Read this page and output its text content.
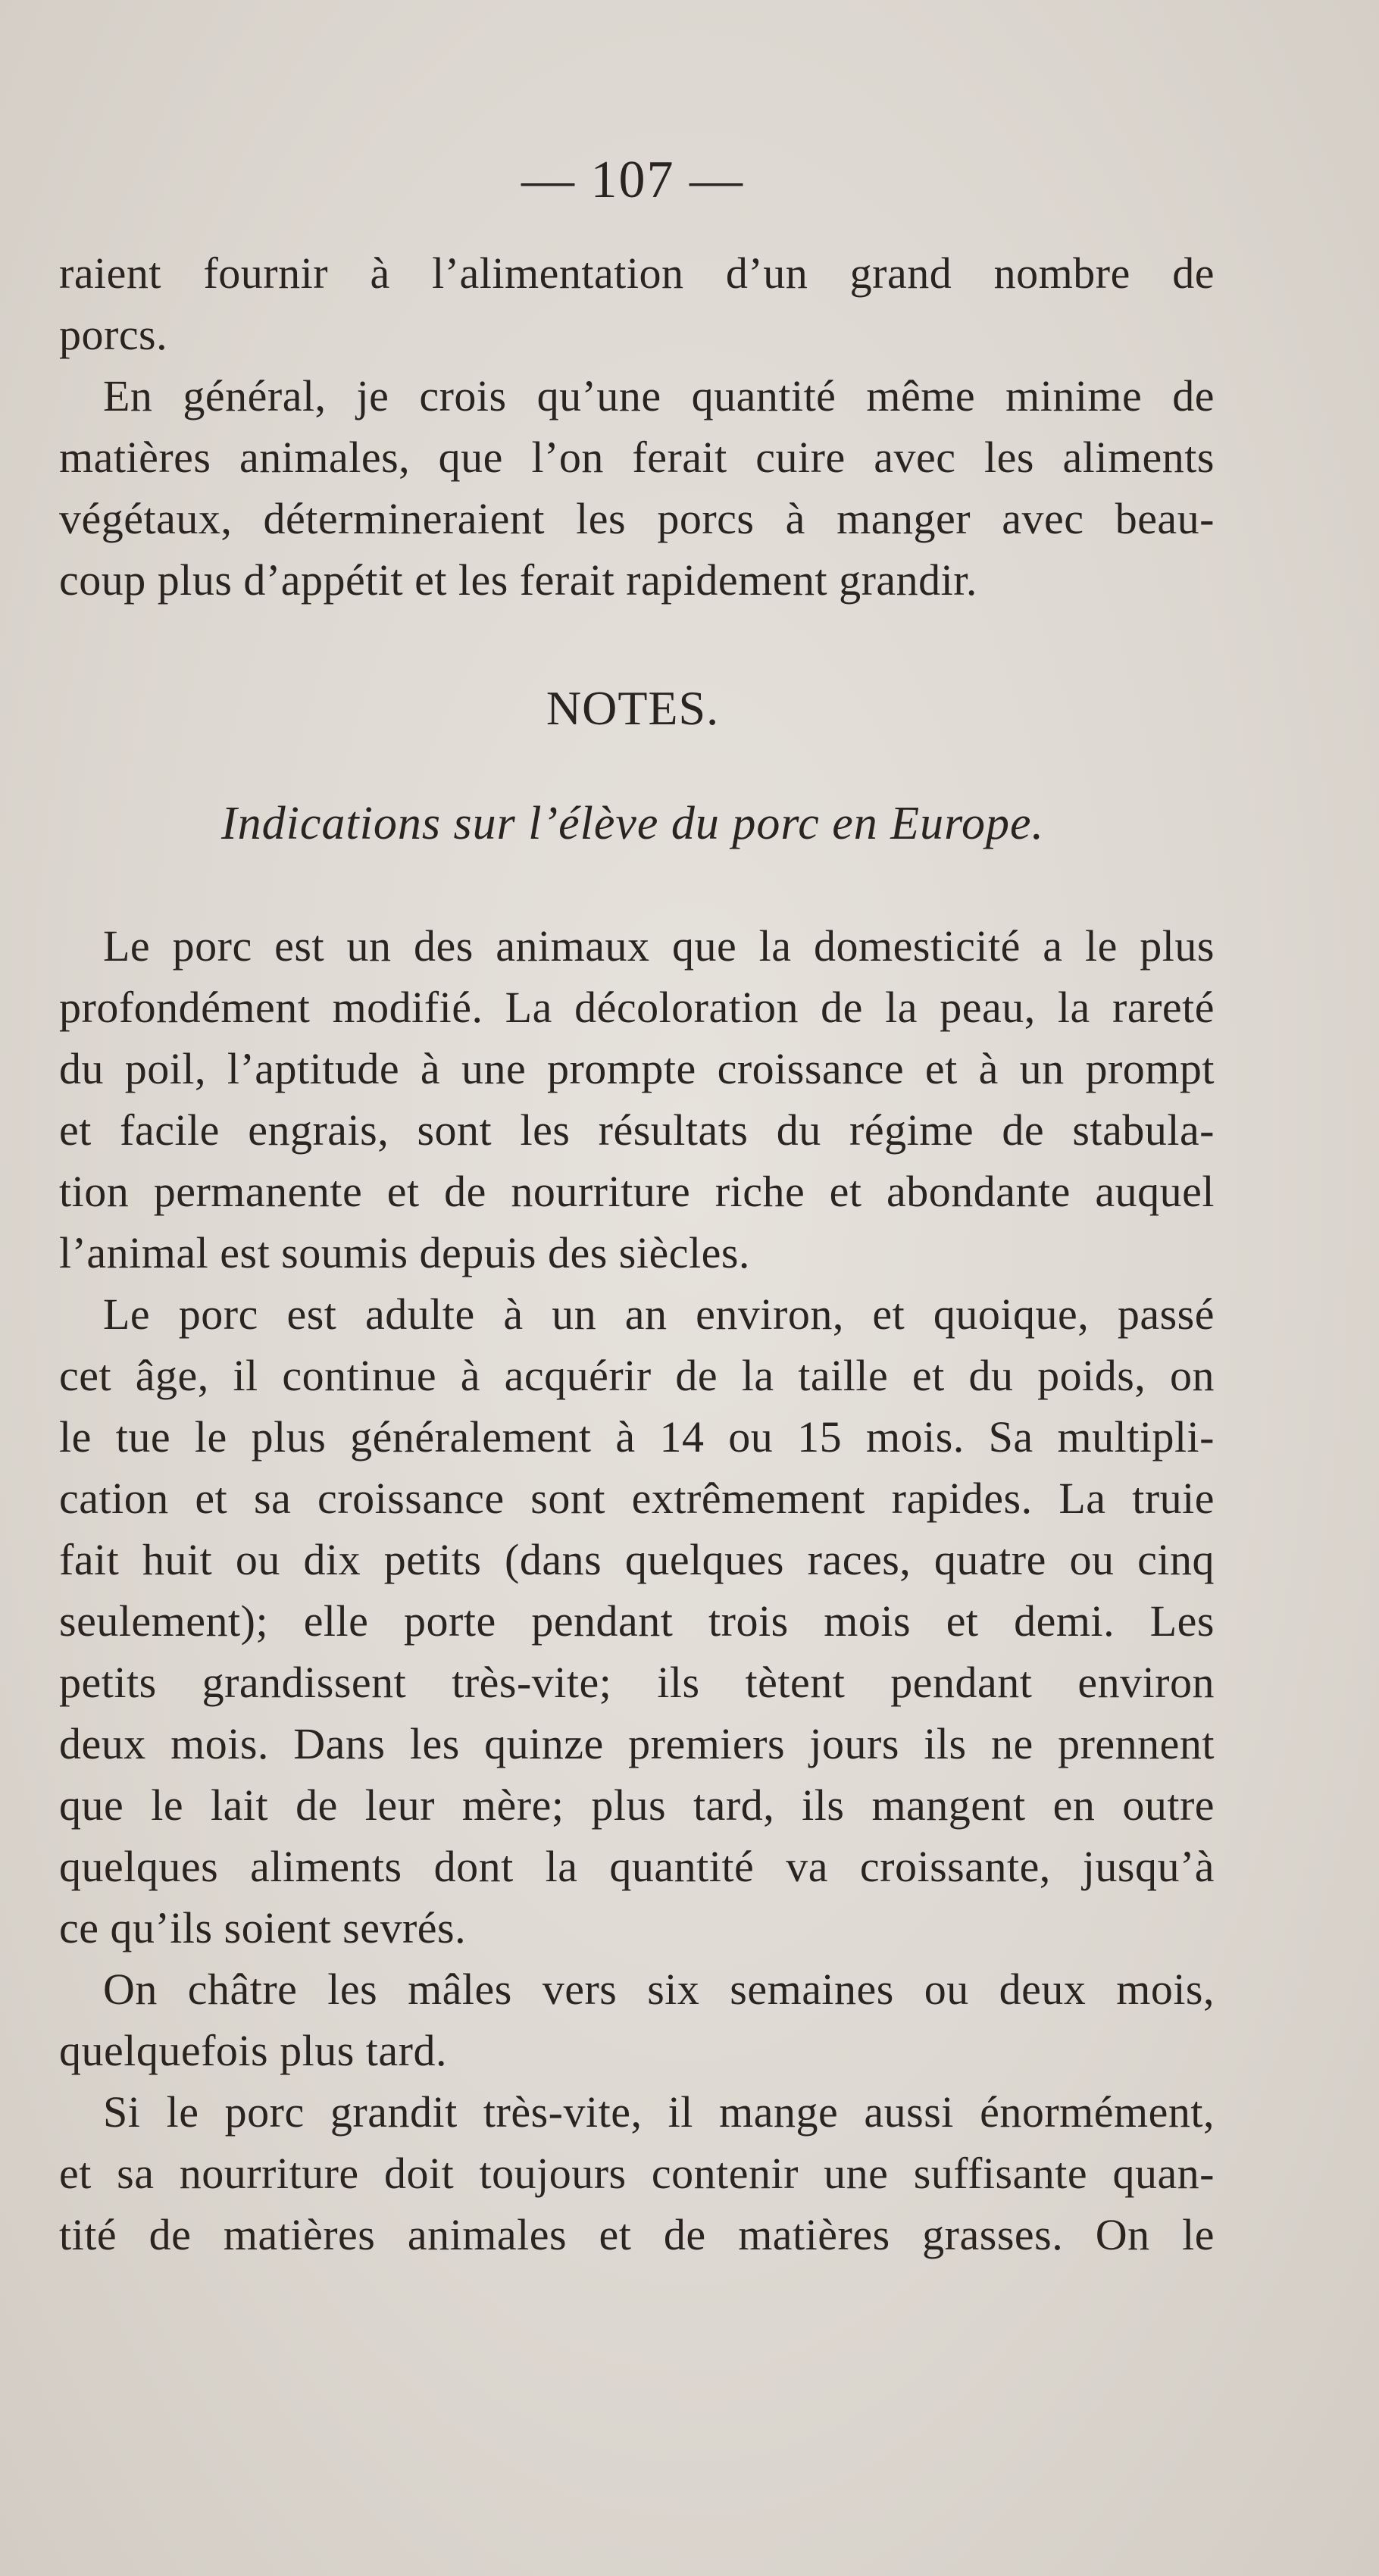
— 107 —
raient fournir à l’alimentation d’un grand nombre de
porcs.
En général, je crois qu’une quantité même minime de
matières animales, que l’on ferait cuire avec les aliments
végétaux, détermineraient les porcs à manger avec beau-
coup plus d’appétit et les ferait rapidement grandir.
NOTES.
Indications sur l’élève du porc en Europe.
Le porc est un des animaux que la domesticité a le plus
profondément modifié. La décoloration de la peau, la rareté
du poil, l’aptitude à une prompte croissance et à un prompt
et facile engrais, sont les résultats du régime de stabula-
tion permanente et de nourriture riche et abondante auquel
l’animal est soumis depuis des siècles.
Le porc est adulte à un an environ, et quoique, passé
cet âge, il continue à acquérir de la taille et du poids, on
le tue le plus généralement à 14 ou 15 mois. Sa multipli-
cation et sa croissance sont extrêmement rapides. La truie
fait huit ou dix petits (dans quelques races, quatre ou cinq
seulement); elle porte pendant trois mois et demi. Les
petits grandissent très-vite; ils tètent pendant environ
deux mois. Dans les quinze premiers jours ils ne prennent
que le lait de leur mère; plus tard, ils mangent en outre
quelques aliments dont la quantité va croissante, jusqu’à
ce qu’ils soient sevrés.
On châtre les mâles vers six semaines ou deux mois,
quelquefois plus tard.
Si le porc grandit très-vite, il mange aussi énormément,
et sa nourriture doit toujours contenir une suffisante quan-
tité de matières animales et de matières grasses. On le
